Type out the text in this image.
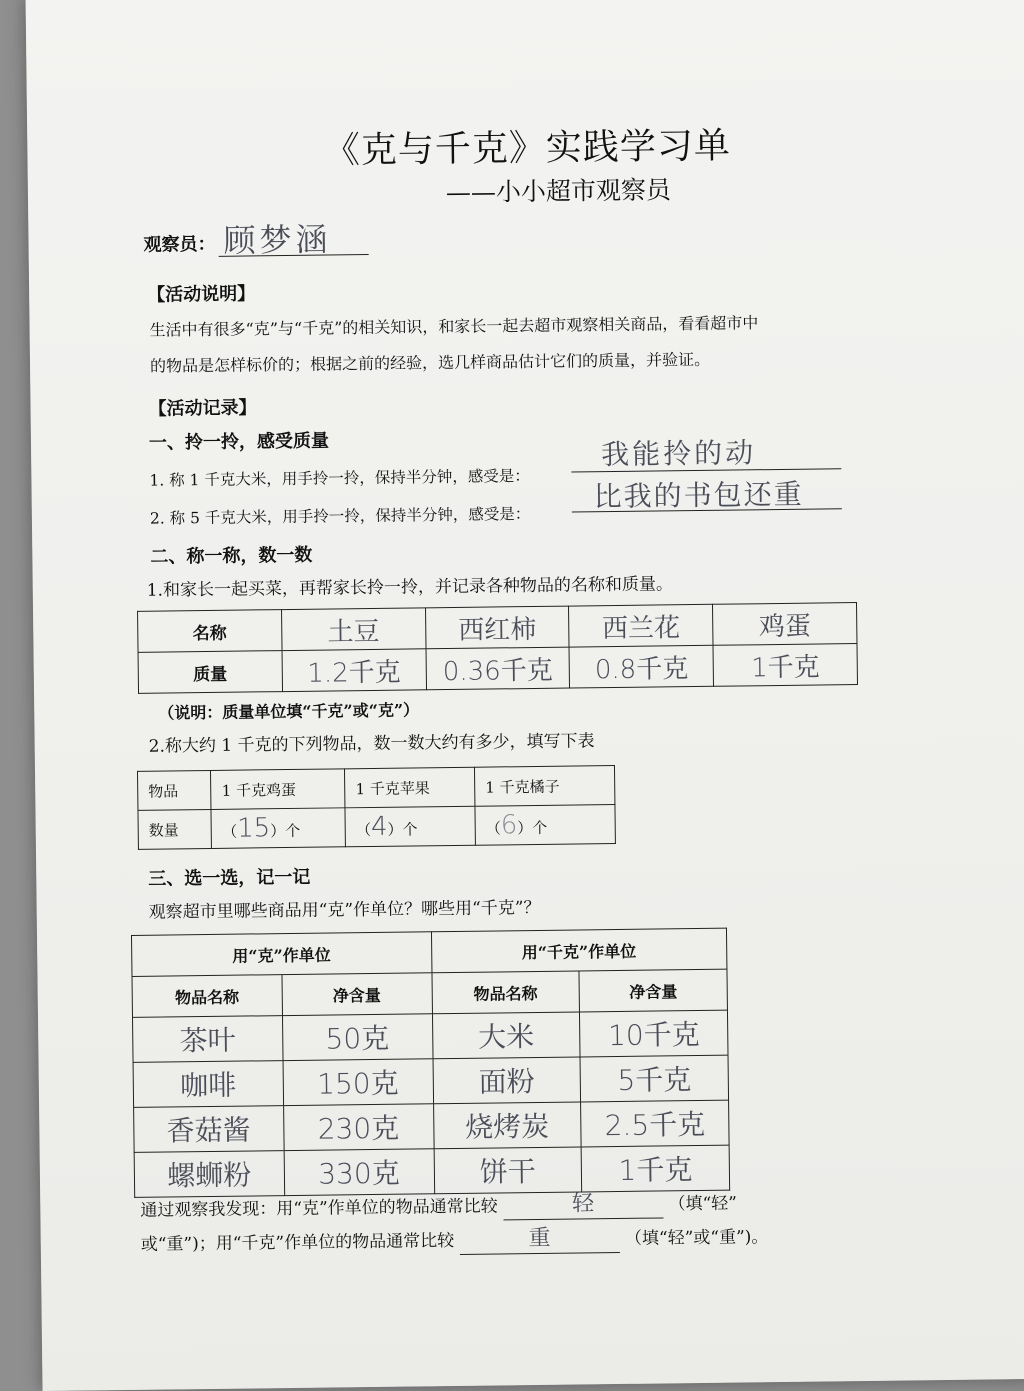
《克与千克》实践学习单
——小小超市观察员
观察员： 顾梦涵
【活动说明】
生活中有很多“克”与“千克”的相关知识，和家长一起去超市观察相关商品，看看超市中
的物品是怎样标价的；根据之前的经验，选几样商品估计它们的质量，并验证。
【活动记录】
一、拎一拎，感受质量
1. 称 1 千克大米，用手拎一拎，保持半分钟，感受是：
我能拎的动
2. 称 5 千克大米，用手拎一拎，保持半分钟，感受是：
比我的书包还重
二、称一称，数一数
1.和家长一起买菜，再帮家长拎一拎，并记录各种物品的名称和质量。
名称	土豆	西红柿	西兰花	鸡蛋
质量	1.2千克	0.36千克	0.8千克	1千克
（说明：质量单位填“千克”或“克”）
2.称大约 1 千克的下列物品，数一数大约有多少，填写下表
物品	1 千克鸡蛋	1 千克苹果	1 千克橘子
数量	（15）个	（4）个	（6）个
三、选一选，记一记
观察超市里哪些商品用“克”作单位？哪些用“千克”？
用“克”作单位		用“千克”作单位	
物品名称	净含量	物品名称	净含量
茶叶	50克	大米	10千克
咖啡	150克	面粉	5千克
香菇酱	230克	烧烤炭	2.5千克
螺蛳粉	330克	饼干	1千克
通过观察我发现：用“克”作单位的物品通常比较	轻	（填“轻”
或“重”)；用“千克”作单位的物品通常比较	重	（填“轻”或“重”)。
